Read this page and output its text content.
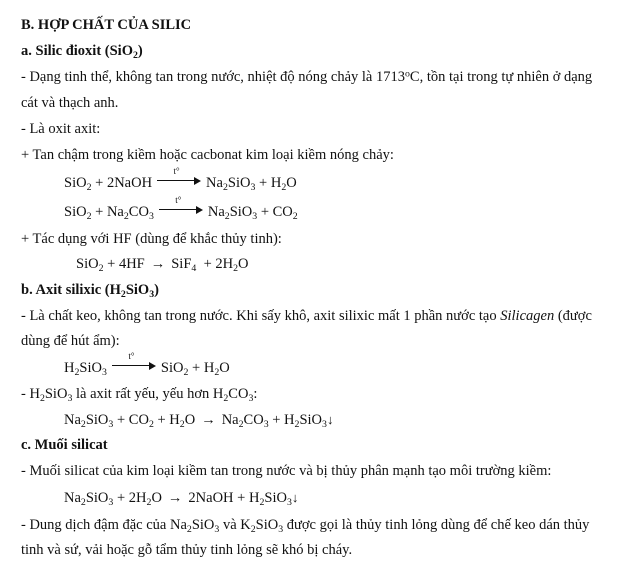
B. HỢP CHẤT CỦA SILIC
a. Silic đioxit (SiO$_2$)
- Dạng tinh thể, không tan trong nước, nhiệt độ nóng chảy là 1713$^o$C, tồn tại trong tự nhiên ở dạng
cát và thạch anh.
- Là oxit axit:
+ Tan chậm trong kiềm hoặc cacbonat kim loại kiềm nóng chảy:
SiO$_2$ + 2NaOH
t°
$Na_2SiO_3 + H_2O$
$SiO_2 + Na_2CO_3$
t°
$Na_2SiO_3 + CO_2$
+ Tác dụng với HF (dùng để khắc thủy tinh):
$SiO_2 + 4HF \to SiF_4 + 2H_2O$
b. Axit silixic $(H_2SiO_3)$
- Là chất keo, không tan trong nước. Khi sấy khô, axit silixic mất 1 phần nước tạo Silicagen (được
dùng để hút ẩm):
$H_2SiO_3$
t°
$SiO_2 + H_2O$
- $H_2SiO_3$ là axit rất yếu, yếu hơn $H_2CO_3$:
$Na_2SiO_3 + CO_2 + H_2O \to Na_2CO_3$ + $H_2SiO_3↓$
c. Muối silicat
- Muối silicat của kim loại kiềm tan trong nước và bị thủy phân mạnh tạo môi trường kiềm:
$Na_2SiO_3 + 2H_2O$ → 2NaOH + $H_2SiO_3↓$
- Dung dịch đậm đặc của $Na_2SiO_3$ và $K_2SiO_3$ được gọi là thủy tinh lỏng dùng để chế keo dán thủy
tinh và sứ, vải hoặc gỗ tẩm thủy tinh lỏng sẽ khó bị cháy.
